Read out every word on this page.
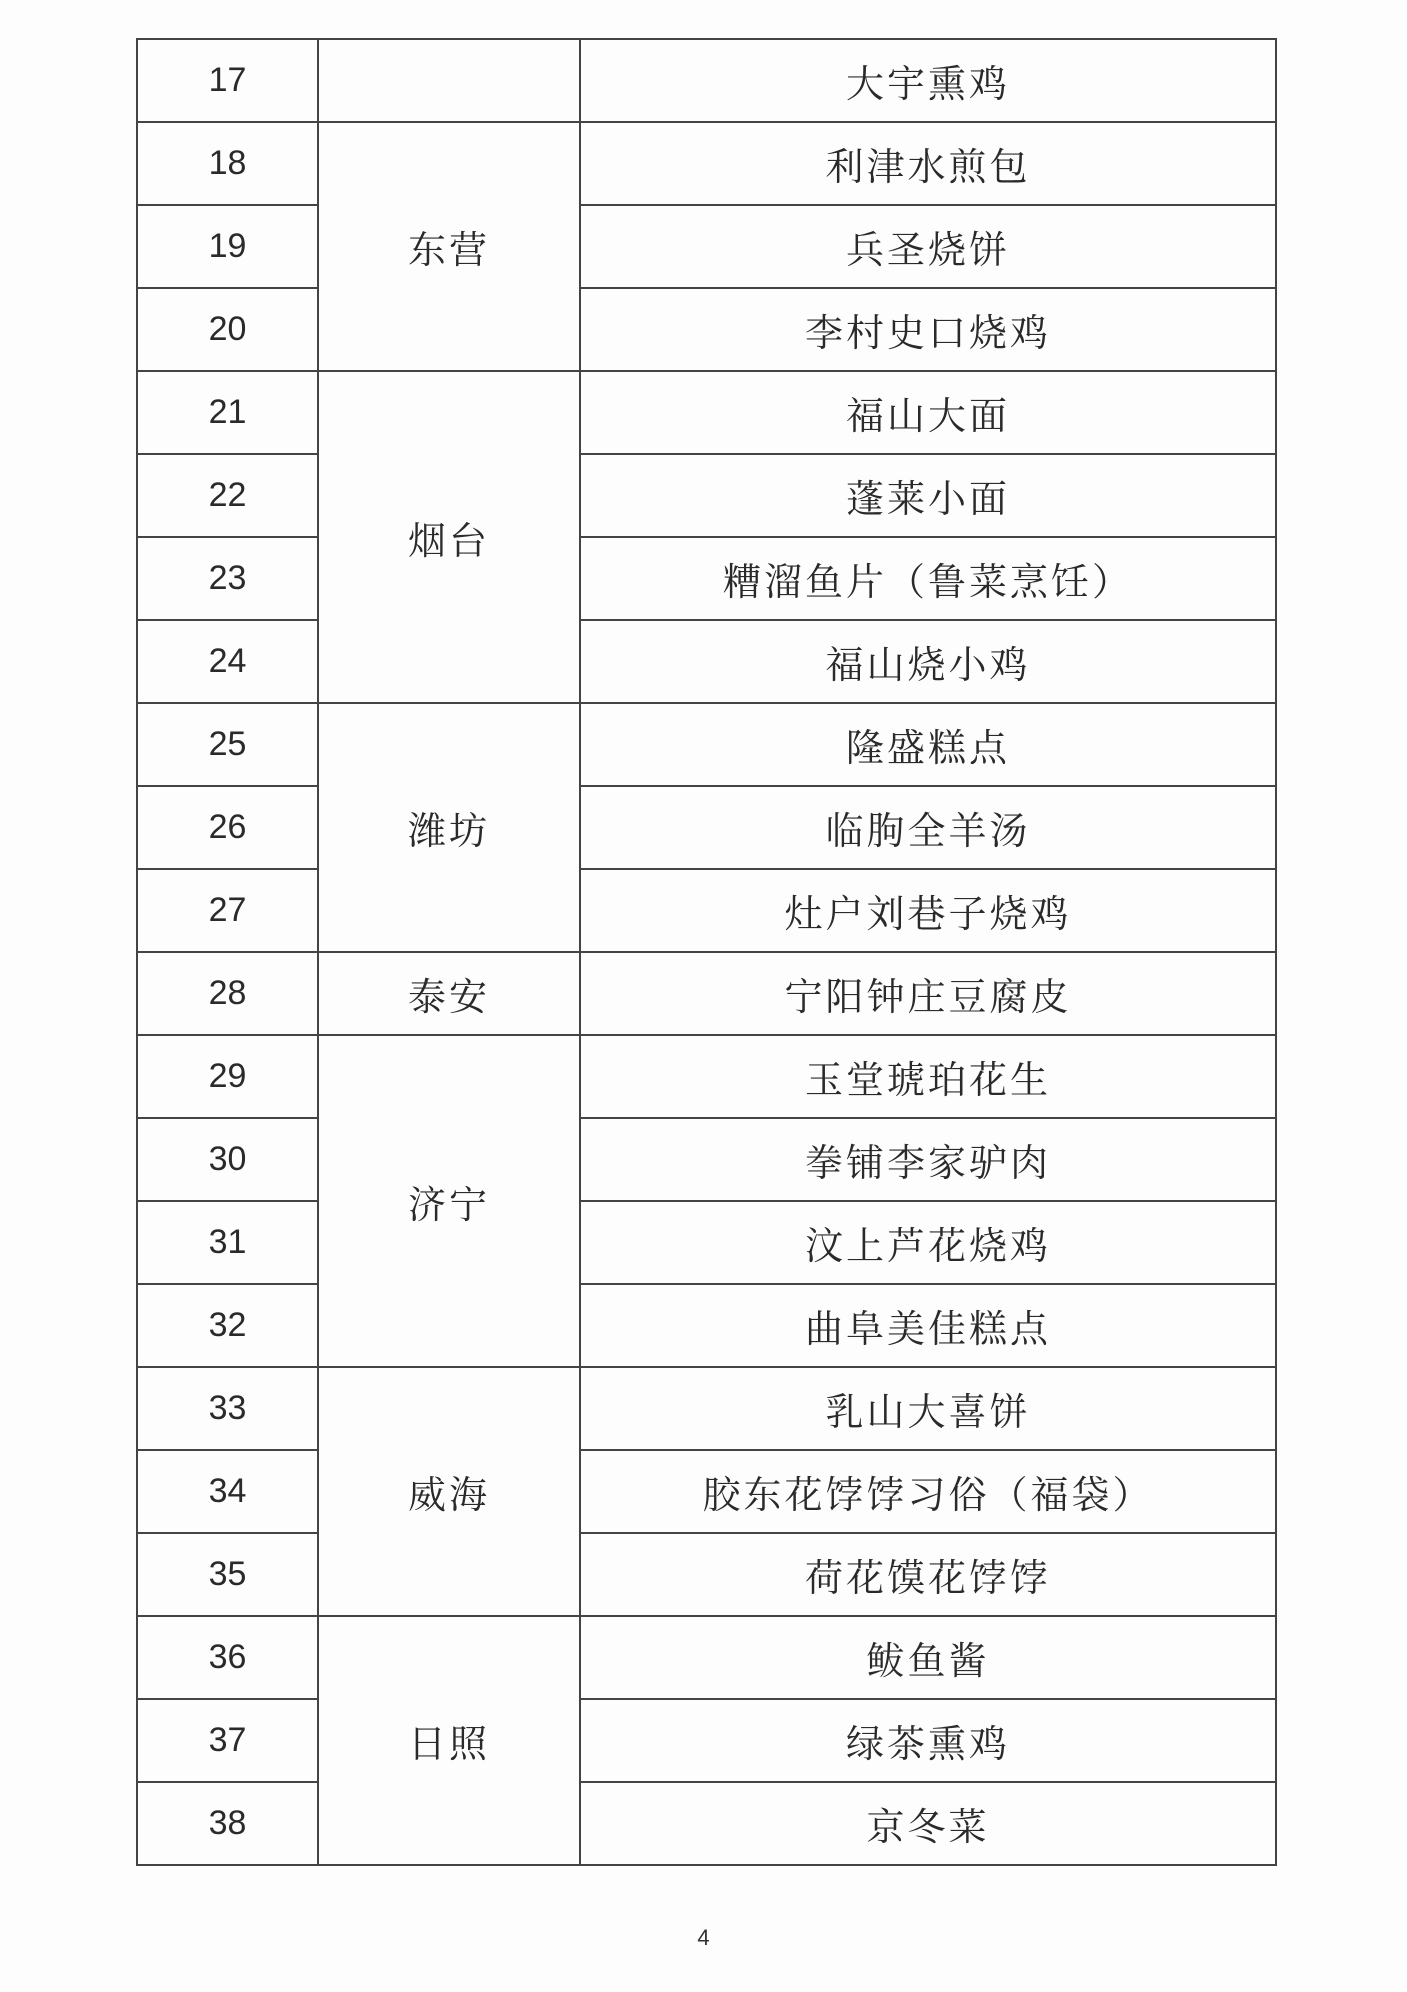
17		大宇熏鸡
18	东营	利津水煎包
19		兵圣烧饼
20		李村史口烧鸡
21	烟台	福山大面
22		蓬莱小面
23		糟溜鱼片（鲁菜烹饪）
24		福山烧小鸡
25	潍坊	隆盛糕点
26		临朐全羊汤
27		灶户刘巷子烧鸡
28	泰安	宁阳钟庄豆腐皮
29	济宁	玉堂琥珀花生
30		拳铺李家驴肉
31		汶上芦花烧鸡
32		曲阜美佳糕点
33	威海	乳山大喜饼
34		胶东花饽饽习俗（福袋）
35		荷花馍花饽饽
36	日照	鲅鱼酱
37		绿茶熏鸡
38		京冬菜
4
